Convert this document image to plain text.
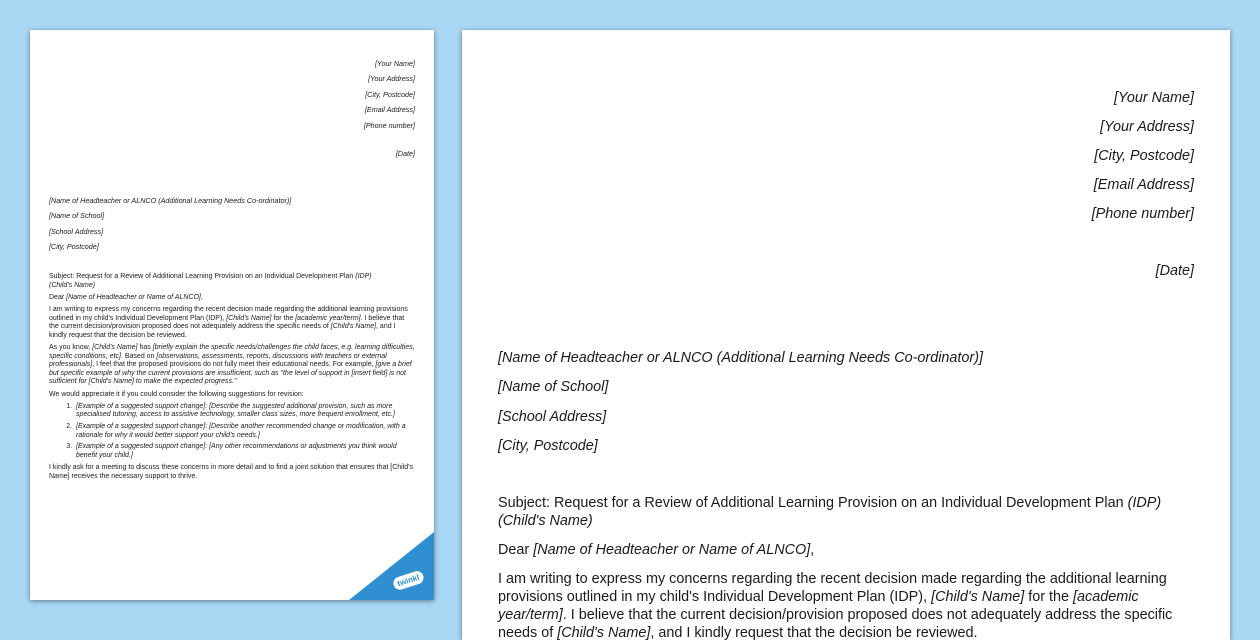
[Your Name]
[Your Address]
[City, Postcode]
[Email Address]
[Phone number]
[Date]
[Name of Headteacher or ALNCO (Additional Learning Needs Co-ordinator)]
[Name of School]
[School Address]
[City, Postcode]

Subject: Request for a Review of Additional Learning Provision on an Individual Development Plan (IDP)
(Child's Name)

Dear [Name of Headteacher or Name of ALNCO],

I am writing to express my concerns regarding the recent decision made regarding the additional learning provisions outlined in my child's Individual Development Plan (IDP), [Child's Name] for the [academic year/term]. I believe that the current decision/provision proposed does not adequately address the specific needs of [Child's Name], and I kindly request that the decision be reviewed.

As you know, [Child's Name] has [briefly explain the specific needs/challenges the child faces, e.g. learning difficulties, specific conditions, etc]. Based on [observations, assessments, reports, discussions with teachers or external professionals], I feel that the proposed provisions do not fully meet their educational needs. For example, [give a brief but specific example of why the current provisions are insufficient, such as "the level of support in [insert field] is not sufficient for [Child's Name] to make the expected progress."

We would appreciate it if you could consider the following suggestions for revision:

1. [Example of a suggested support change]: [Describe the suggested additional provision, such as more specialised tutoring, access to assistive technology, smaller class sizes, more frequent enrollment, etc.]
2. [Example of a suggested support change]: [Describe another recommended change or modification, with a rationale for why it would better support your child's needs.]
3. [Example of a suggested support change]: [Any other recommendations or adjustments you think would benefit your child.]

I kindly ask for a meeting to discuss these concerns in more detail and to find a joint solution that ensures that [Child's Name] receives the necessary support to thrive.

twinkl
[Your Name]
[Your Address]
[City, Postcode]
[Email Address]
[Phone number]
[Date]
[Name of Headteacher or ALNCO (Additional Learning Needs Co-ordinator)]
[Name of School]
[School Address]
[City, Postcode]

Subject: Request for a Review of Additional Learning Provision on an Individual Development Plan (IDP)
(Child's Name)

Dear [Name of Headteacher or Name of ALNCO],

I am writing to express my concerns regarding the recent decision made regarding the additional learning provisions outlined in my child's Individual Development Plan (IDP), [Child's Name] for the [academic year/term]. I believe that the current decision/provision proposed does not adequately address the specific needs of [Child's Name], and I kindly request that the decision be reviewed.
